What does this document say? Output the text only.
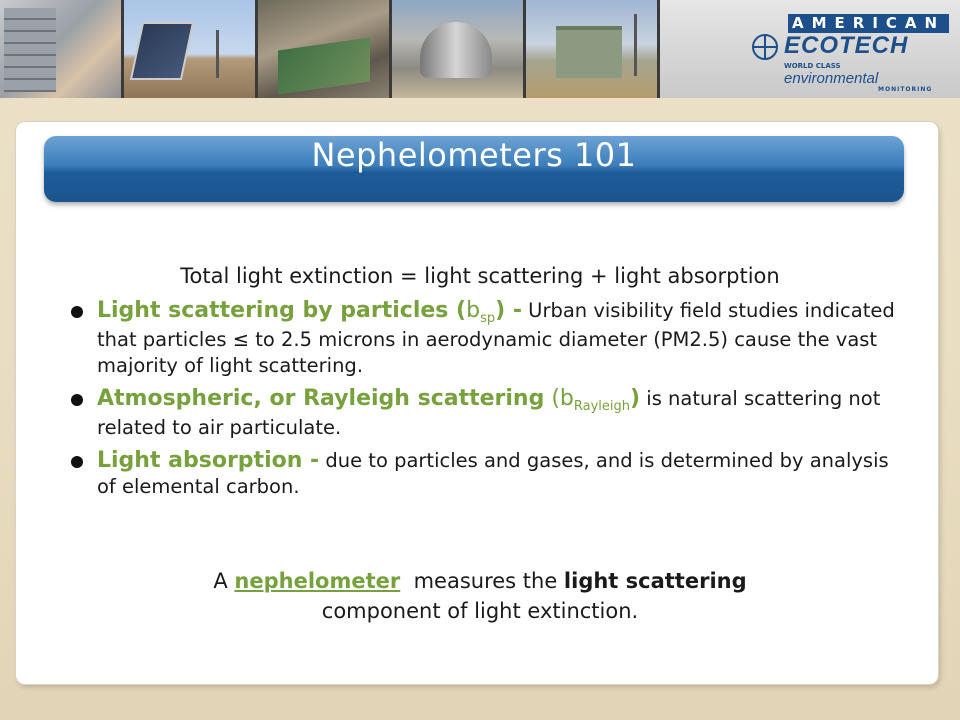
AMERICAN
ECOTECH
WORLD CLASS
environmental
MONITORING
Nephelometers 101
Total light extinction = light scattering + light absorption
Light scattering by particles $(b_{sp})$ - Urban visibility field studies indicated that particles ≤ to 2.5 microns in aerodynamic diameter (PM2.5) cause the vast majority of light scattering.
Atmospheric, or Rayleigh scattering $(b_{Rayleigh})$ is natural scattering not related to air particulate.
Light absorption - due to particles and gases, and is determined by analysis of elemental carbon.
A nephelometer  measures the light scattering
component of light extinction.
